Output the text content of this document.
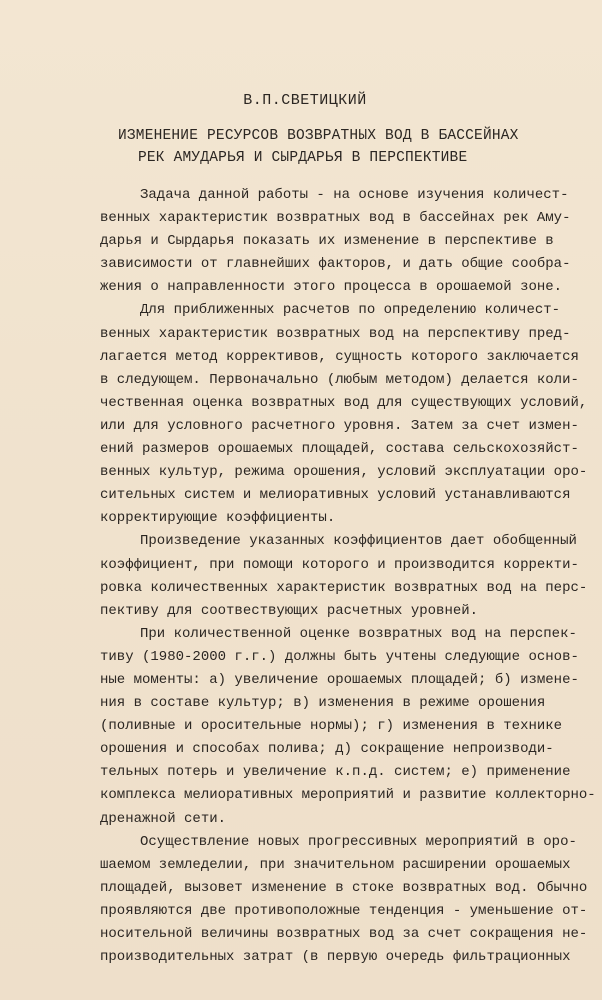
В.П.СВЕТИЦКИЙ
ИЗМЕНЕНИЕ РЕСУРСОВ ВОЗВРАТНЫХ ВОД В БАССЕЙНАХ
РЕК АМУДАРЬЯ И СЫРДАРЬЯ В ПЕРСПЕКТИВЕ
Задача данной работы - на основе изучения количест-
венных характеристик возвратных вод в бассейнах рек Аму-
дарья и Сырдарья показать их изменение в перспективе в
зависимости от главнейших факторов, и дать общие сообра-
жения о направленности этого процесса в орошаемой зоне.
Для приближенных расчетов по определению количест-
венных характеристик возвратных вод на перспективу пред-
лагается метод коррективов, сущность которого заключается
в следующем. Первоначально (любым методом) делается коли-
чественная оценка возвратных вод для существующих условий,
или для условного расчетного уровня. Затем за счет измен-
ений размеров орошаемых площадей, состава сельскохозяйст-
венных культур, режима орошения, условий эксплуатации оро-
сительных систем и мелиоративных условий устанавливаются
корректирующие коэффициенты.
Произведение указанных коэффициентов дает обобщенный
коэффициент, при помощи которого и производится корректи-
ровка количественных характеристик возвратных вод на перс-
пективу для соотвествующих расчетных уровней.
При количественной оценке возвратных вод на перспек-
тиву (1980-2000 г.г.) должны быть учтены следующие основ-
ные моменты: а) увеличение орошаемых площадей; б) измене-
ния в составе культур; в) изменения в режиме орошения
(поливные и оросительные нормы); г) изменения в технике
орошения и способах полива; д) сокращение непроизводи-
тельных потерь и увеличение к.п.д. систем; е) применение
комплекса мелиоративных мероприятий и развитие коллекторно-
дренажной сети.
Осуществление новых прогрессивных мероприятий в оро-
шаемом земледелии, при значительном расширении орошаемых
площадей, вызовет изменение в стоке возвратных вод. Обычно
проявляются две противоположные тенденция - уменьшение от-
носительной величины возвратных вод за счет сокращения не-
производительных затрат (в первую очередь фильтрационных
